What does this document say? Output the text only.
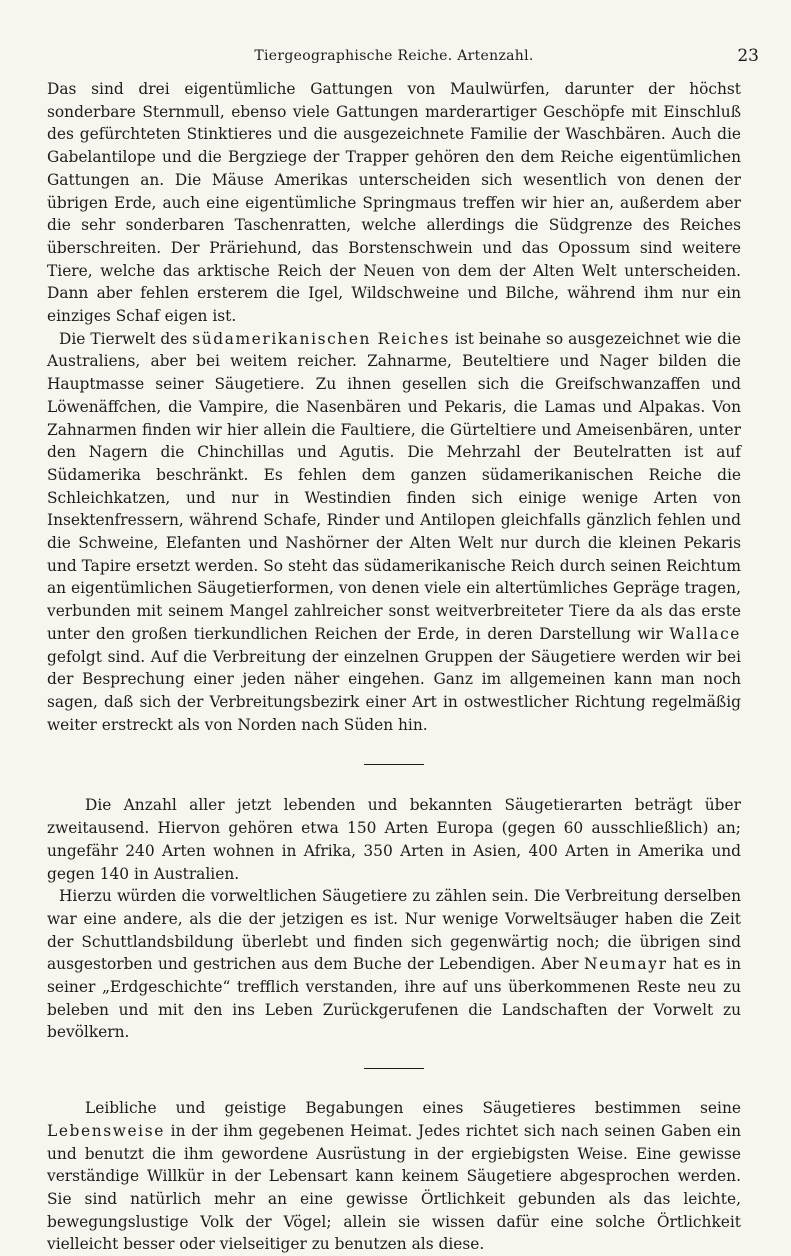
Tiergeographische Reiche. Artenzahl.	23

Das sind drei eigentümliche Gattungen von Maulwürfen, darunter der höchst sonderbare Sternmull, ebenso viele Gattungen marderartiger Geschöpfe mit Einschluß des gefürchteten Stinktieres und die ausgezeichnete Familie der Waschbären. Auch die Gabelantilope und die Bergziege der Trapper gehören den dem Reiche eigentümlichen Gattungen an. Die Mäuse Amerikas unterscheiden sich wesentlich von denen der übrigen Erde, auch eine eigentümliche Springmaus treffen wir hier an, außerdem aber die sehr sonderbaren Taschenratten, welche allerdings die Südgrenze des Reiches überschreiten. Der Präriehund, das Borstenschwein und das Opossum sind weitere Tiere, welche das arktische Reich der Neuen von dem der Alten Welt unterscheiden. Dann aber fehlen ersterem die Igel, Wildschweine und Bilche, während ihm nur ein einziges Schaf eigen ist.

Die Tierwelt des südamerikanischen Reiches ist beinahe so ausgezeichnet wie die Australiens, aber bei weitem reicher. Zahnarme, Beuteltiere und Nager bilden die Hauptmasse seiner Säugetiere. Zu ihnen gesellen sich die Greifschwanzaffen und Löwenäffchen, die Vampire, die Nasenbären und Pekaris, die Lamas und Alpakas. Von Zahnarmen finden wir hier allein die Faultiere, die Gürteltiere und Ameisenbären, unter den Nagern die Chinchillas und Agutis. Die Mehrzahl der Beutelratten ist auf Südamerika beschränkt. Es fehlen dem ganzen südamerikanischen Reiche die Schleichkatzen, und nur in Westindien finden sich einige wenige Arten von Insektenfressern, während Schafe, Rinder und Antilopen gleichfalls gänzlich fehlen und die Schweine, Elefanten und Nashörner der Alten Welt nur durch die kleinen Pekaris und Tapire ersetzt werden. So steht das südamerikanische Reich durch seinen Reichtum an eigentümlichen Säugetierformen, von denen viele ein altertümliches Gepräge tragen, verbunden mit seinem Mangel zahlreicher sonst weitverbreiteter Tiere da als das erste unter den großen tierkundlichen Reichen der Erde, in deren Darstellung wir Wallace gefolgt sind. Auf die Verbreitung der einzelnen Gruppen der Säugetiere werden wir bei der Besprechung einer jeden näher eingehen. Ganz im allgemeinen kann man noch sagen, daß sich der Verbreitungsbezirk einer Art in ostwestlicher Richtung regelmäßig weiter erstreckt als von Norden nach Süden hin.

Die Anzahl aller jetzt lebenden und bekannten Säugetierarten beträgt über zweitausend. Hiervon gehören etwa 150 Arten Europa (gegen 60 ausschließlich) an; ungefähr 240 Arten wohnen in Afrika, 350 Arten in Asien, 400 Arten in Amerika und gegen 140 in Australien.

Hierzu würden die vorweltlichen Säugetiere zu zählen sein. Die Verbreitung derselben war eine andere, als die der jetzigen es ist. Nur wenige Vorweltsäuger haben die Zeit der Schuttlandsbildung überlebt und finden sich gegenwärtig noch; die übrigen sind ausgestorben und gestrichen aus dem Buche der Lebendigen. Aber Neumayr hat es in seiner „Erdgeschichte“ trefflich verstanden, ihre auf uns überkommenen Reste neu zu beleben und mit den ins Leben Zurückgerufenen die Landschaften der Vorwelt zu bevölkern.

Leibliche und geistige Begabungen eines Säugetieres bestimmen seine Lebensweise in der ihm gegebenen Heimat. Jedes richtet sich nach seinen Gaben ein und benutzt die ihm gewordene Ausrüstung in der ergiebigsten Weise. Eine gewisse verständige Willkür in der Lebensart kann keinem Säugetiere abgesprochen werden. Sie sind natürlich mehr an eine gewisse Örtlichkeit gebunden als das leichte, bewegungslustige Volk der Vögel; allein sie wissen dafür eine solche Örtlichkeit vielleicht besser oder vielseitiger zu benutzen als diese.
